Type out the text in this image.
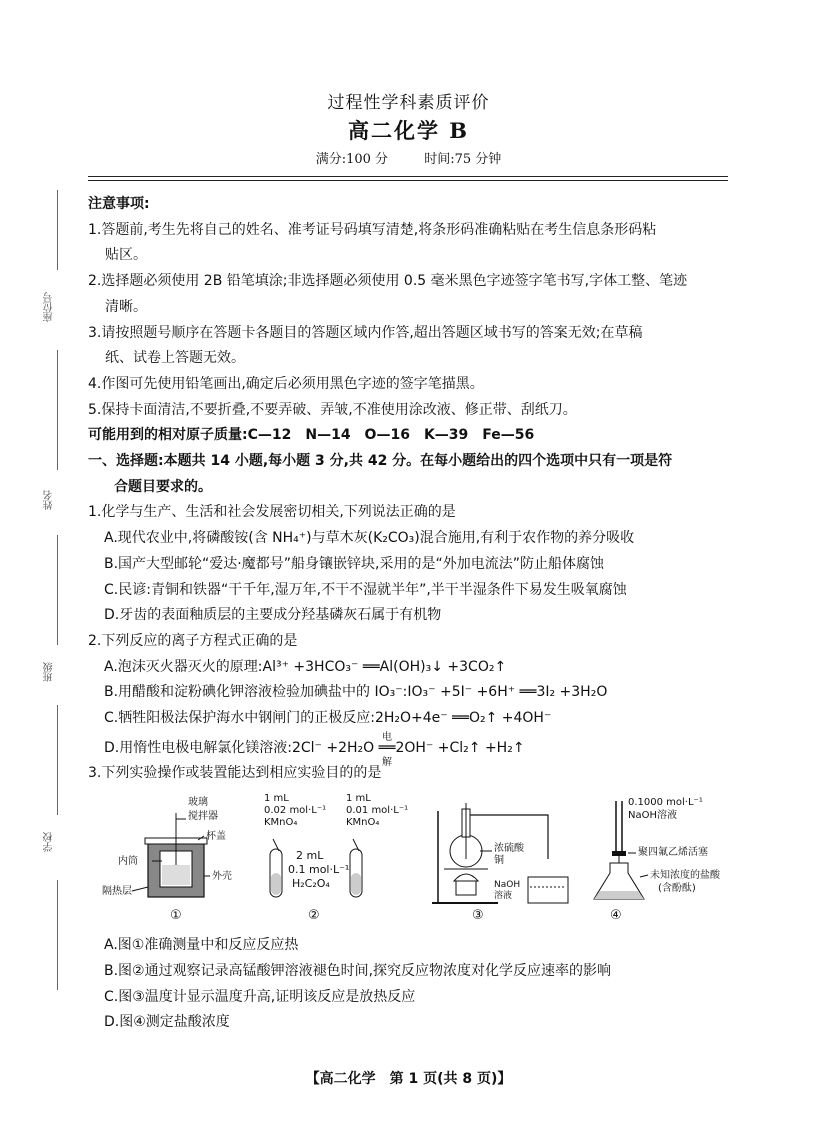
过程性学科素质评价
高二化学 B
满分:100 分	时间:75 分钟
座位号
姓名
班级
学校

注意事项:

1.答题前,考生先将自己的姓名、准考证号码填写清楚,将条形码准确粘贴在考生信息条形码粘

贴区。

2.选择题必须使用 2B 铅笔填涂;非选择题必须使用 0.5 毫米黑色字迹签字笔书写,字体工整、笔迹

清晰。

3.请按照题号顺序在答题卡各题目的答题区域内作答,超出答题区域书写的答案无效;在草稿

纸、试卷上答题无效。

4.作图可先使用铅笔画出,确定后必须用黑色字迹的签字笔描黑。

5.保持卡面清洁,不要折叠,不要弄破、弄皱,不准使用涂改液、修正带、刮纸刀。

可能用到的相对原子质量:C—12　N—14　O—16　K—39　Fe—56

一、选择题:本题共 14 小题,每小题 3 分,共 42 分。在每小题给出的四个选项中只有一项是符

合题目要求的。

1.化学与生产、生活和社会发展密切相关,下列说法正确的是

A.现代农业中,将磷酸铵(含 NH₄⁺)与草木灰(K₂CO₃)混合施用,有利于农作物的养分吸收

B.国产大型邮轮“爱达·魔都号”船身镶嵌锌块,采用的是“外加电流法”防止船体腐蚀

C.民谚:青铜和铁器“干千年,湿万年,不干不湿就半年”,半干半湿条件下易发生吸氧腐蚀

D.牙齿的表面釉质层的主要成分羟基磷灰石属于有机物

2.下列反应的离子方程式正确的是

A.泡沫灭火器灭火的原理:Al³⁺ +3HCO₃⁻ ══Al(OH)₃↓ +3CO₂↑

B.用醋酸和淀粉碘化钾溶液检验加碘盐中的 IO₃⁻:IO₃⁻ +5I⁻ +6H⁺ ══3I₂ +3H₂O

C.牺牲阳极法保护海水中钢闸门的正极反应:2H₂O+4e⁻ ══O₂↑ +4OH⁻

D.用惰性电极电解氯化镁溶液:2Cl⁻ +2H₂O
电解
══2OH⁻ +Cl₂↑ +H₂↑

3.下列实验操作或装置能达到相应实验目的的是

玻璃
搅拌器
杯盖
内筒
外壳
隔热层
①
1 mL
0.02 mol·L⁻¹
KMnO₄
1 mL
0.01 mol·L⁻¹
KMnO₄
2 mL
0.1 mol·L⁻¹
H₂C₂O₄
②
浓硫酸
铜
NaOH
溶液
③
0.1000 mol·L⁻¹
NaOH溶液
聚四氟乙烯活塞
未知浓度的盐酸
(含酚酞)
④

A.图①准确测量中和反应反应热

B.图②通过观察记录高锰酸钾溶液褪色时间,探究反应物浓度对化学反应速率的影响

C.图③温度计显示温度升高,证明该反应是放热反应

D.图④测定盐酸浓度

【高二化学　第 1 页(共 8 页)】
